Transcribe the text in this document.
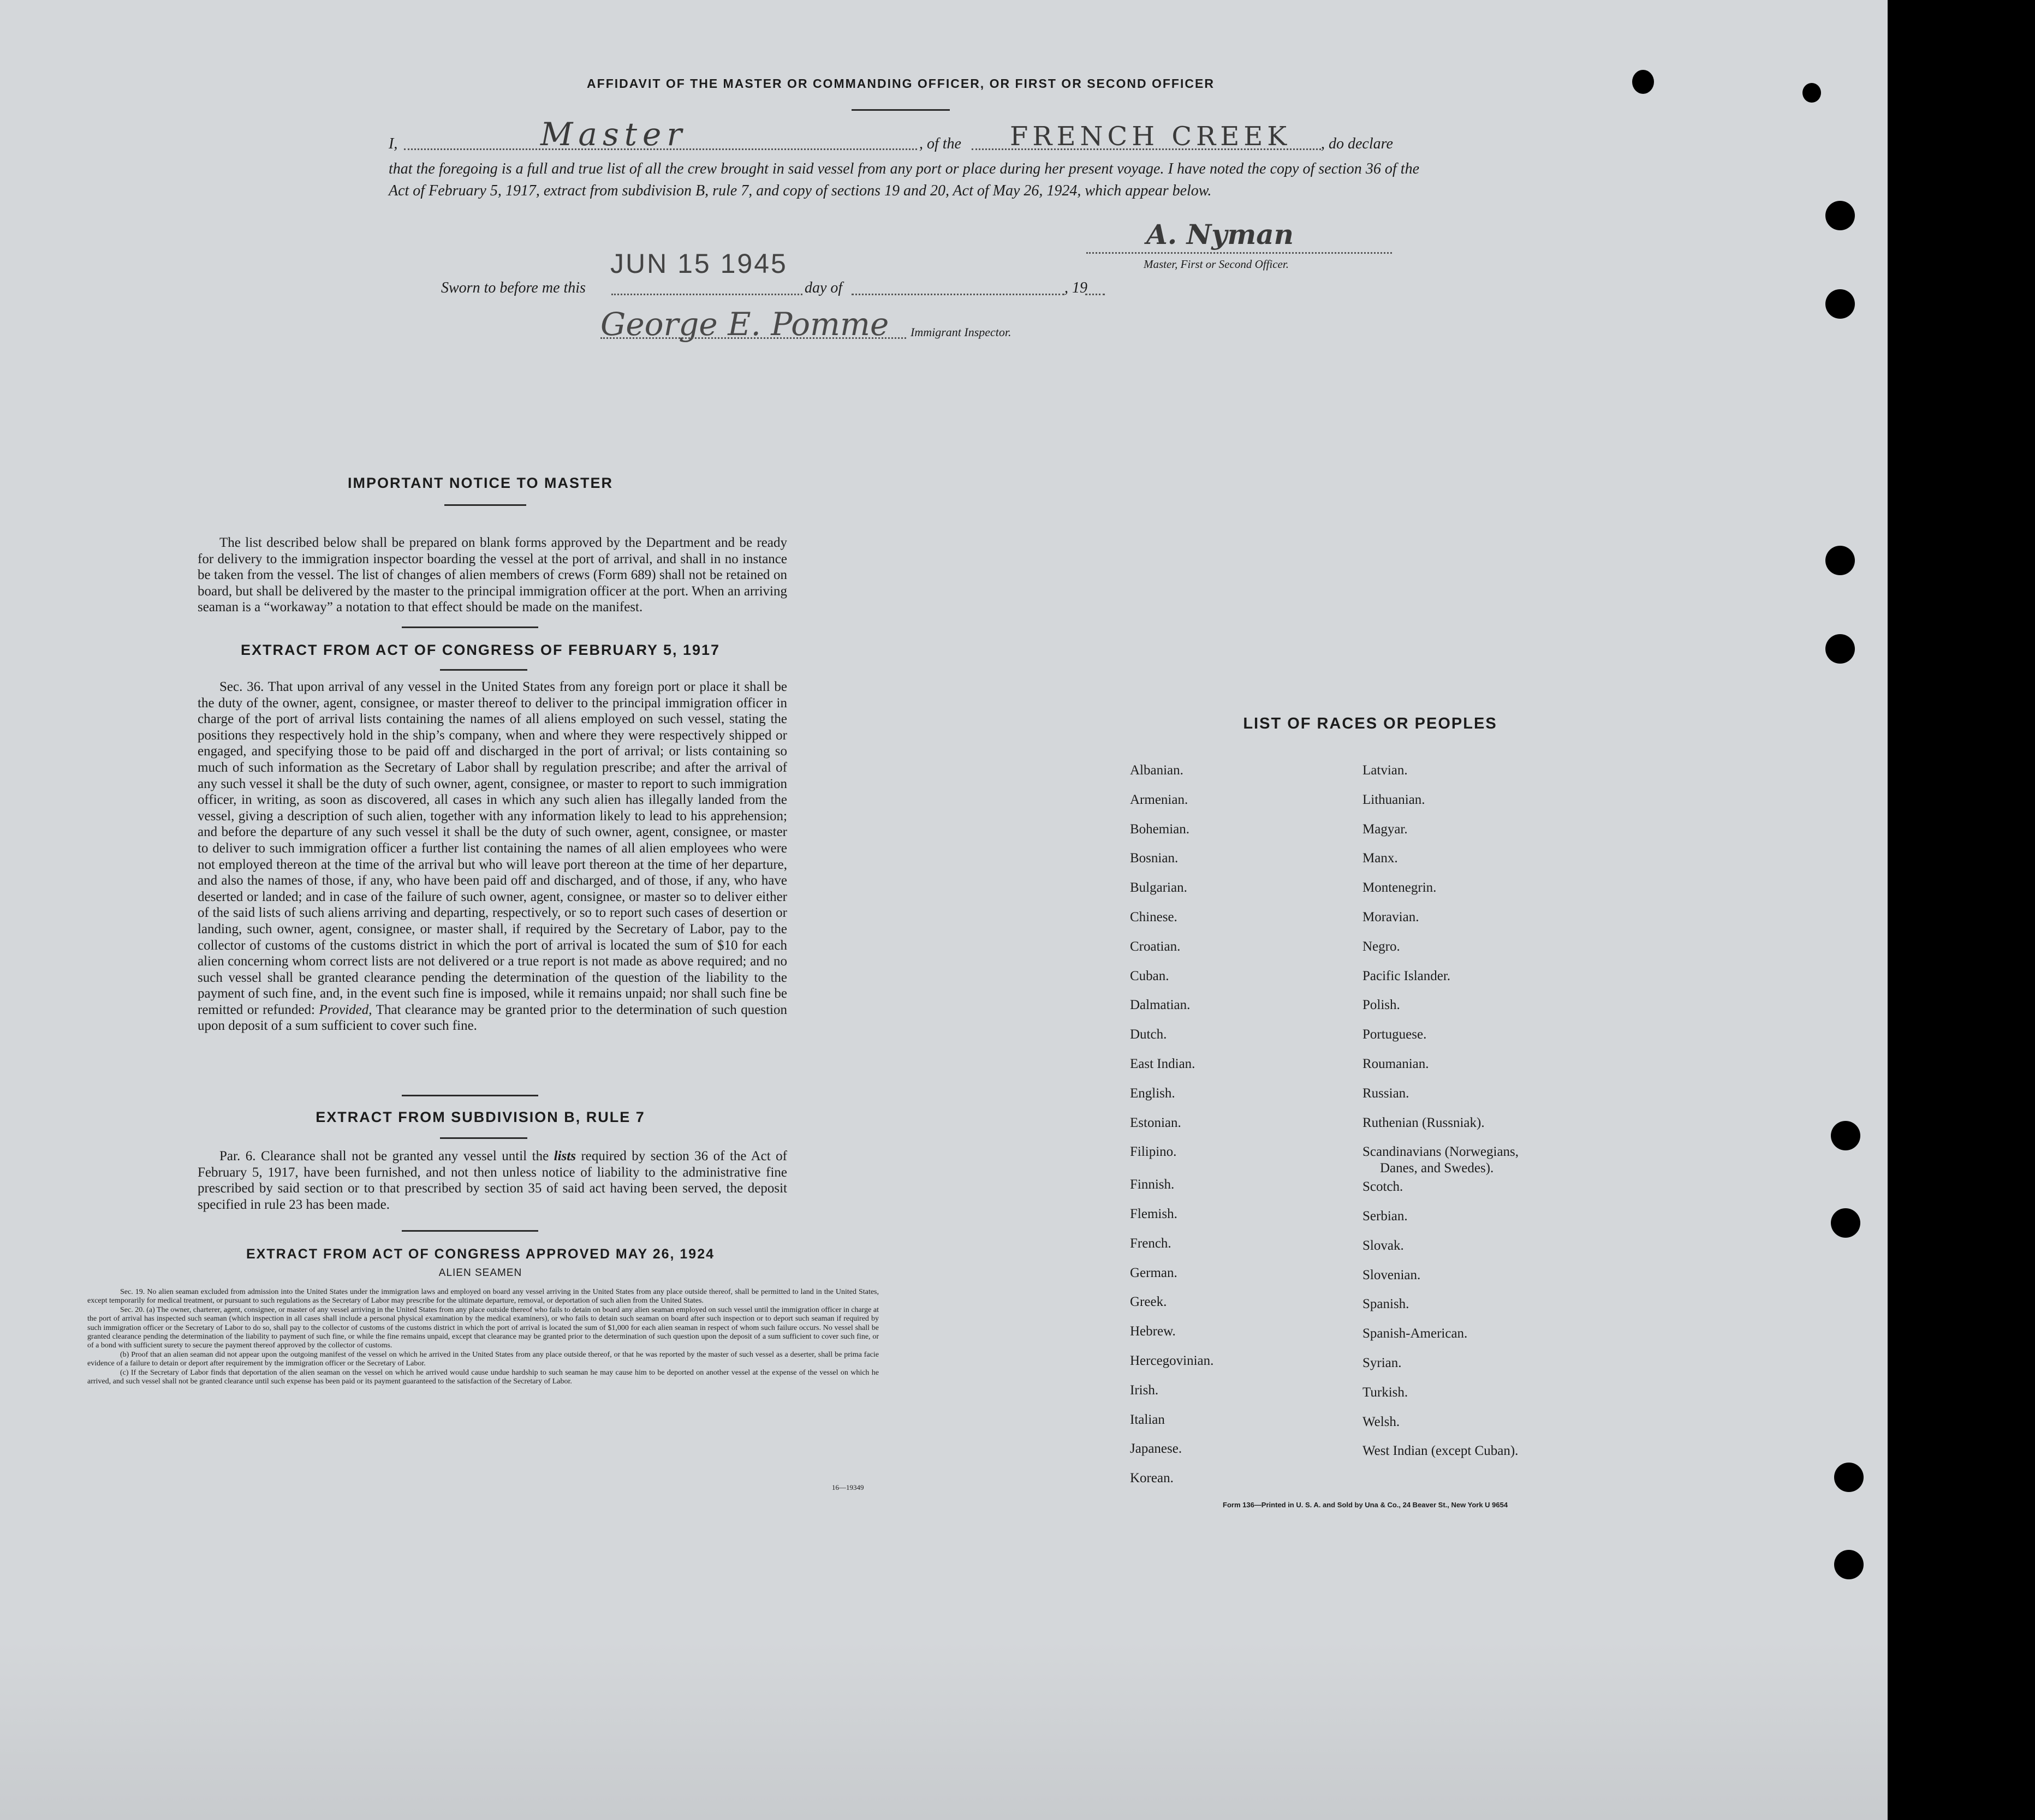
AFFIDAVIT OF THE MASTER OR COMMANDING OFFICER, OR FIRST OR SECOND OFFICER
I,	Master	, of the FRENCH CREEK , do declare

that the foregoing is a full and true list of all the crew brought in said vessel from any port or place during her present voyage. I have noted the copy of section 36 of the Act of February 5, 1917, extract from subdivision B, rule 7, and copy of sections 19 and 20, Act of May 26, 1924, which appear below.

A. Nyman
Master, First or Second Officer.
Sworn to before me this
JUN 15 1945
day of	, 19
George E. Pomme Immigrant Inspector.
IMPORTANT NOTICE TO MASTER

The list described below shall be prepared on blank forms approved by the Department and be ready for delivery to the immigration inspector boarding the vessel at the port of arrival, and shall in no instance be taken from the vessel. The list of changes of alien members of crews (Form 689) shall not be retained on board, but shall be delivered by the master to the principal immigration officer at the port. When an arriving seaman is a “workaway” a notation to that effect should be made on the manifest.

EXTRACT FROM ACT OF CONGRESS OF FEBRUARY 5, 1917

Sec. 36. That upon arrival of any vessel in the United States from any foreign port or place it shall be the duty of the owner, agent, consignee, or master thereof to deliver to the principal immigration officer in charge of the port of arrival lists containing the names of all aliens employed on such vessel, stating the positions they respectively hold in the ship’s company, when and where they were respectively shipped or engaged, and specifying those to be paid off and discharged in the port of arrival; or lists containing so much of such information as the Secretary of Labor shall by regulation prescribe; and after the arrival of any such vessel it shall be the duty of such owner, agent, consignee, or master to report to such immigration officer, in writing, as soon as discovered, all cases in which any such alien has illegally landed from the vessel, giving a description of such alien, together with any information likely to lead to his apprehension; and before the departure of any such vessel it shall be the duty of such owner, agent, consignee, or master to deliver to such immigration officer a further list containing the names of all alien employees who were not employed thereon at the time of the arrival but who will leave port thereon at the time of her departure, and also the names of those, if any, who have been paid off and discharged, and of those, if any, who have deserted or landed; and in case of the failure of such owner, agent, consignee, or master so to deliver either of the said lists of such aliens arriving and departing, respectively, or so to report such cases of desertion or landing, such owner, agent, consignee, or master shall, if required by the Secretary of Labor, pay to the collector of customs of the customs district in which the port of arrival is located the sum of $10 for each alien concerning whom correct lists are not delivered or a true report is not made as above required; and no such vessel shall be granted clearance pending the determination of the question of the liability to the payment of such fine, and, in the event such fine is imposed, while it remains unpaid; nor shall such fine be remitted or refunded: Provided, That clearance may be granted prior to the determination of such question upon deposit of a sum sufficient to cover such fine.

EXTRACT FROM SUBDIVISION B, RULE 7

Par. 6. Clearance shall not be granted any vessel until the lists required by section 36 of the Act of February 5, 1917, have been furnished, and not then unless notice of liability to the administrative fine prescribed by said section or to that prescribed by section 35 of said act having been served, the deposit specified in rule 23 has been made.

EXTRACT FROM ACT OF CONGRESS APPROVED MAY 26, 1924
ALIEN SEAMEN

Sec. 19. No alien seaman excluded from admission into the United States under the immigration laws and employed on board any vessel arriving in the United States from any place outside thereof, shall be permitted to land in the United States, except temporarily for medical treatment, or pursuant to such regulations as the Secretary of Labor may prescribe for the ultimate departure, removal, or deportation of such alien from the United States.

Sec. 20. (a) The owner, charterer, agent, consignee, or master of any vessel arriving in the United States from any place outside thereof who fails to detain on board any alien seaman employed on such vessel until the immigration officer in charge at the port of arrival has inspected such seaman (which inspection in all cases shall include a personal physical examination by the medical examiners), or who fails to detain such seaman on board after such inspection or to deport such seaman if required by such immigration officer or the Secretary of Labor to do so, shall pay to the collector of customs of the customs district in which the port of arrival is located the sum of $1,000 for each alien seaman in respect of whom such failure occurs. No vessel shall be granted clearance pending the determination of the liability to payment of such fine, or while the fine remains unpaid, except that clearance may be granted prior to the determination of such question upon the deposit of a sum sufficient to cover such fine, or of a bond with sufficient surety to secure the payment thereof approved by the collector of customs.

(b) Proof that an alien seaman did not appear upon the outgoing manifest of the vessel on which he arrived in the United States from any place outside thereof, or that he was reported by the master of such vessel as a deserter, shall be prima facie evidence of a failure to detain or deport after requirement by the immigration officer or the Secretary of Labor.

(c) If the Secretary of Labor finds that deportation of the alien seaman on the vessel on which he arrived would cause undue hardship to such seaman he may cause him to be deported on another vessel at the expense of the vessel on which he arrived, and such vessel shall not be granted clearance until such expense has been paid or its payment guaranteed to the satisfaction of the Secretary of Labor.

16—19349
LIST OF RACES OR PEOPLES
Albanian.
Armenian.
Bohemian.
Bosnian.
Bulgarian.
Chinese.
Croatian.
Cuban.
Dalmatian.
Dutch.
East Indian.
English.
Estonian.
Filipino.
Finnish.
Flemish.
French.
German.
Greek.
Hebrew.
Hercegovinian.
Irish.
Italian
Japanese.
Korean.
Latvian.
Lithuanian.
Magyar.
Manx.
Montenegrin.
Moravian.
Negro.
Pacific Islander.
Polish.
Portuguese.
Roumanian.
Russian.
Ruthenian (Russniak).
Scandinavians (Norwegians,
Danes, and Swedes).
Scotch.
Serbian.
Slovak.
Slovenian.
Spanish.
Spanish-American.
Syrian.
Turkish.
Welsh.
West Indian (except Cuban).
Form 136—Printed in U. S. A. and Sold by Una & Co., 24 Beaver St., New York U 9654
